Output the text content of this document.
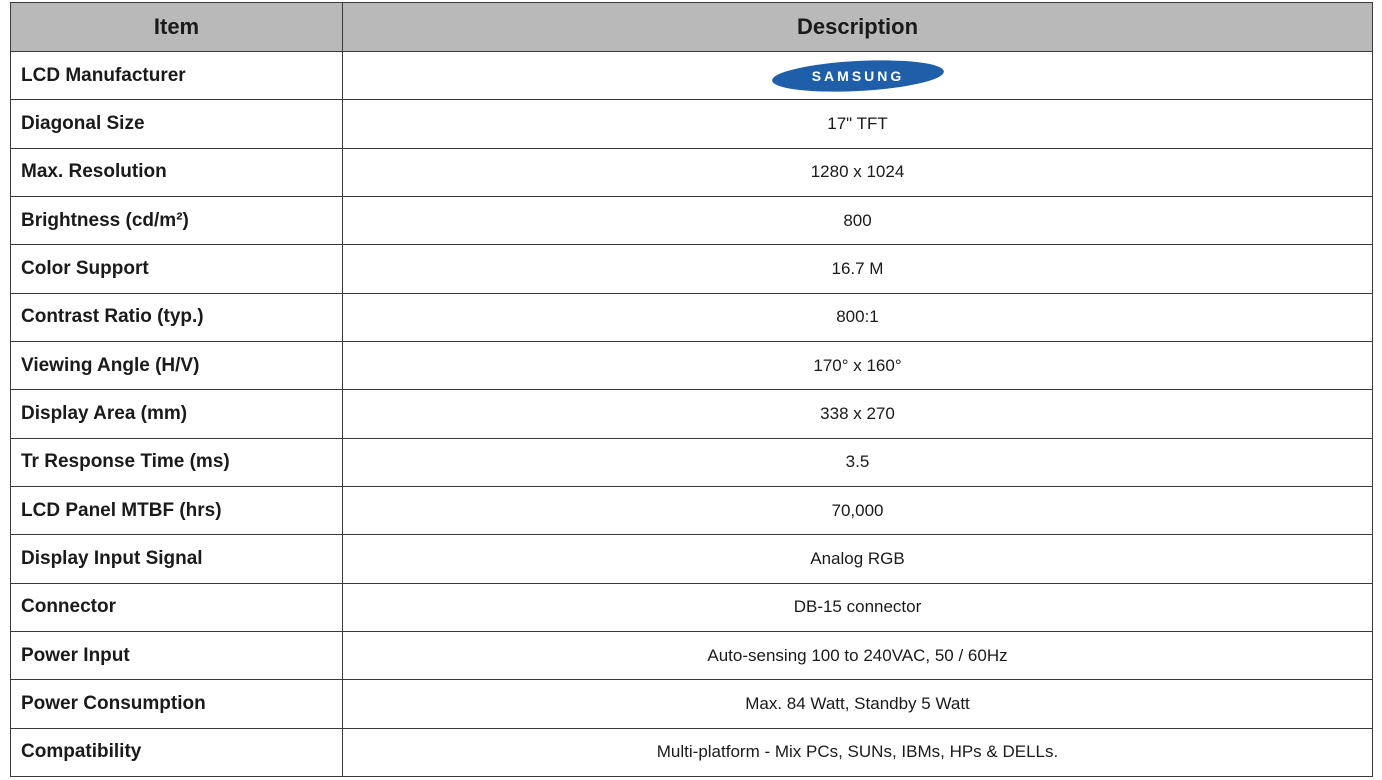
Item	Description
LCD Manufacturer	SAMSUNG

Diagonal Size	17" TFT
Max. Resolution	1280 x 1024
Brightness (cd/m²)	800
Color Support	16.7 M
Contrast Ratio (typ.)	800:1
Viewing Angle (H/V)	170° x 160°
Display Area (mm)	338 x 270
Tr Response Time (ms)	3.5
LCD Panel MTBF (hrs)	70,000
Display Input Signal	Analog RGB
Connector	DB-15 connector
Power Input	Auto-sensing 100 to 240VAC, 50 / 60Hz
Power Consumption	Max. 84 Watt, Standby 5 Watt
Compatibility	Multi-platform - Mix PCs, SUNs, IBMs, HPs & DELLs.
